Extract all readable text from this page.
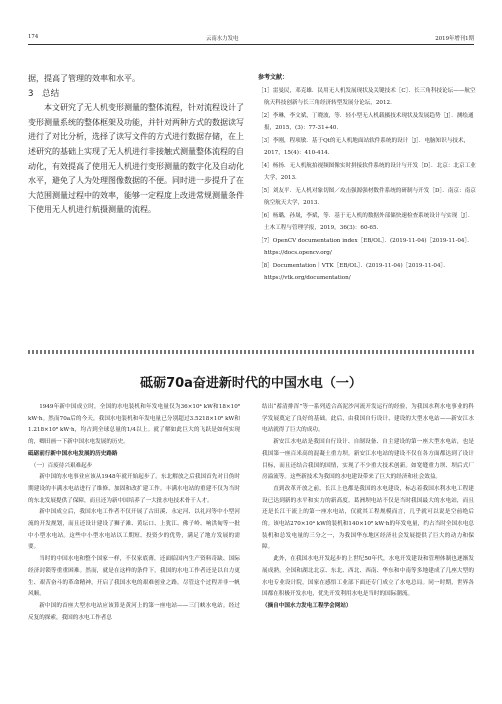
174	云南水力发电	2019年增刊1期

据，提高了管理的效率和水平。

3　总结

本文研究了无人机变形测量的整体流程，针对流程设计了变形测量系统的整体框架及功能，并针对两种方式的数据读写进行了对比分析，选择了读写文件的方式进行数据存储，在上述研究的基础上实现了无人机进行非接触式测量整体流程的自动化，有效提高了使用无人机进行变形测量的数字化及自动化水平，避免了人为处理图像数据的不便。同时进一步提升了在大范围测量过程中的效率，能够一定程度上改进常规测量条件下使用无人机进行航摄测量的流程。

参考文献：
［1］雷曼民，邓克雄．民用无人机发展现状及关键技术［C］．长三角科技论坛——航空航天科技创新与长三角经济转型发展分论坛，2012．
［2］李琳，李文斌，丁晓波，等．轻小型无人机载摄技术现状及发展趋势［J］．测绘通报，2015，(3)：77-31+40．
［3］李刚，程项敏．基于Qt的无人机地面站软件系统的设计［J］．电脑知识与技术，2017，15(4)：410-414．
［4］杨扬．无人机航拍视频图像实时拼接软件系统的设计与开发［D］．北京：北京工业大学，2013．
［5］刘友平．无人机对象切图／攻击强源强材数件系统的研制与开发［D］．南京：南京航空航天大学，2013．
［6］杨璐，孙晟，李斌，等．基于无人机的数据外部储快速检查系统设计与实现［J］．土木工程与管理学报，2019，36(3)：60-65．
［7］OpenCV documentation index［EB/OL］．(2019-11-04)［2019-11-04］．https://docs.opencv.org/
［8］Documentation｜VTK［EB/OL］．(2019-11-04)［2019-11-04］．https://vtk.org/documentation/
砥砺70a奋进新时代的中国水电（一）

1949年新中国成立时，全国的水电装机和年发电量仅为36×10⁴ kW和18×10⁸ kW·h。然而70a后的今天，我国水电装机和年发电量已分别超过3.5218×10⁸ kW和1.218×10⁸ kW·h，均占到全球总量的1/4以上。就了解如此巨大的飞跃是如何实现的，卿田画一下新中国水电发展的历史。

砥砺前行新中国水电发展的历史路路

（一）百废待兴艰难起步

新中国的水电事业应该从1948年就开始起步了。东北解放之后我国首先对日伪时期建设的丰满水电站进行了维修、加固和改扩建工作。丰满水电站的重建不仅为当时的东北发展提供了保障，而且还为新中国培养了一大批水电技术骨干人才。

新中国成立后，我国水电工作者不仅开展了古田溪、永定河、以礼河等中小型河流的开发规划，而且还设计建设了狮子滩、黄坛口、上犹江、佛子岭、响洪甸等一批中小型水电站。这些中小型水电站以工期短、投资少的优势，满足了地方发展的需要。

当时的中国水电和整个国家一样，不仅家底薄，还面临国内生产资料奇缺、国际经济封锁等重重困难。然而，就是在这样的条件下，我国的水电工作者还是以自力更生、艰苦奋斗的革命精神，开启了我国水电的艰难创业之路。尽管这个过程并非一帆风顺。

新中国的首座大型水电站应该算是黄河上的第一座电站——三门峡水电站。经过反复的探索，我国的水电工作者总

结出“蓄清排浑”等一系列适合高泥沙河流开发运行的经验，为我国水利水电事业的科学发展奠定了良好的基础。此后，由我国自行设计、建设的大型水电站——新安江水电站就得了巨大的成功。

新安江水电站是我国自行设计、自制设备、自主建设的第一座大型水电站，也是我国第一座百米高的混凝土重力坝。新安江水电站的建设不仅在各方面都达到了设计目标，而且还结合我国的国情，实现了不少重大技术创新。如宽缝重力坝、坝后式厂房溢流等。这些新技术为我国的水电建设带来了巨大的经济和社会效益。

直到改革开放之前，长江上也都是我国的水电建设，标志着我国水利水电工程建设已达到新的水平和实力的新高度。葛洲坝电站不仅是当时我国最大的水电站，而且还是长江干流上的第一座水电站，仅就其工程规模而言，几乎就可以说是空前绝后的。该电站270×10⁴ kW的装机和140×10⁸ kW·h的年发电量，约占当时全国水电总装机和总发电量的三分之一，为我国华东地区经济社会发展提供了巨大的动力和保障。

此外，在我国水电开发起步的上世纪50年代，水电开发建设和管理体制也逐渐发展成熟。全国和湖北北京、东北、西北、西南、华东和中南等多地建成了几座大型的水电专业设计院，国家在感悟工业部下面还专门成立了水电总局。同一时期，世界各国都在积极开发水电，优先开发利用水电是当时的国际潮流。

（摘自中国水力发电工程学会网站）
